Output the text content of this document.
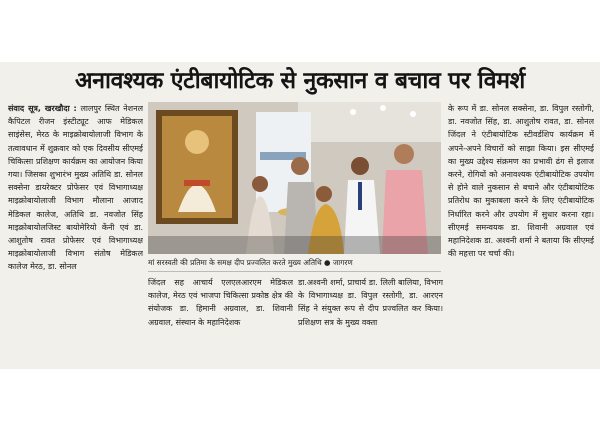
अनावश्यक एंटीबायोटिक से नुकसान व बचाव पर विमर्श
संवाद सूत्र, खरखौदा : लालपुर स्थित नेशनल कैपिटल रीजन इंस्टीट्यूट आफ मेडिकल साइंसेस, मेरठ के माइक्रोबायोलाजी विभाग के तत्वावधान में शुक्रवार को एक दिवसीय सीएमई चिकित्सा प्रशिक्षण कार्यक्रम का आयोजन किया गया। जिसका शुभारंभ मुख्य अतिथि डा. सोनल सक्सेना डायरेक्टर प्रोफेसर एवं विभागाध्यक्ष माइक्रोबायोलाजी विभाग मौलाना आजाद मेडिकल कालेज, अतिथि डा. नवजोत सिंह माइक्रोबायोलजिस्ट बायोमेरियो केंनी एवं डा. आशुतोष रावत प्रोफेसर एवं विभागाध्यक्ष माइक्रोबायोलाजी विभाग संतोष मेडिकल कालेज मेरठ, डा. सोनल	मां सरस्वती की प्रतिमा के समक्ष दीप प्रज्वलित करते मुख्य अतिथि ● जागरण
जिंदल सह आचार्य एलएलआरएम मेडिकल कालेज, मेरठ एवं भाजपा चिकित्सा प्रकोष्ठ क्षेत्र की संयोजक डा. हिमानी अग्रवाल, डा. शिवानी अग्रवाल, संस्थान के महानिदेशक
डा.अश्वनी शर्मा, प्राचार्य डा. लिली बालिया, विभाग के विभागाध्यक्ष डा. विपुल रस्तोगी, डा. आरएन सिंह ने संयुक्त रूप से दीप प्रज्वलित कर किया। प्रशिक्षण सत्र के मुख्य वक्ता
के रूप में डा. सोनल सक्सेना, डा. विपुल रस्तोगी, डा. नवजोत सिंह, डा. आशुतोष रावत, डा. सोनल जिंदल ने एंटीबायोटिक स्टीवर्डशिप कार्यक्रम में अपने-अपने विचारों को साझा किया। इस सीएमई का मुख्य उद्देश्य संक्रमण का प्रभावी ढंग से इलाज करने, रोगियों को अनावश्यक एंटीबायोटिक उपयोग से होने वाले नुकसान से बचाने और एंटीबायोटिक प्रतिरोध का मुकाबला करने के लिए एंटीबायोटिक निर्धारित करने और उपयोग में सुधार करना रहा। सीएमई समन्वयक डा. शिवानी अग्रवाल एवं महानिदेशक डा. अश्वनी शर्मा ने बताया कि सीएमई की महत्ता पर चर्चा की।
